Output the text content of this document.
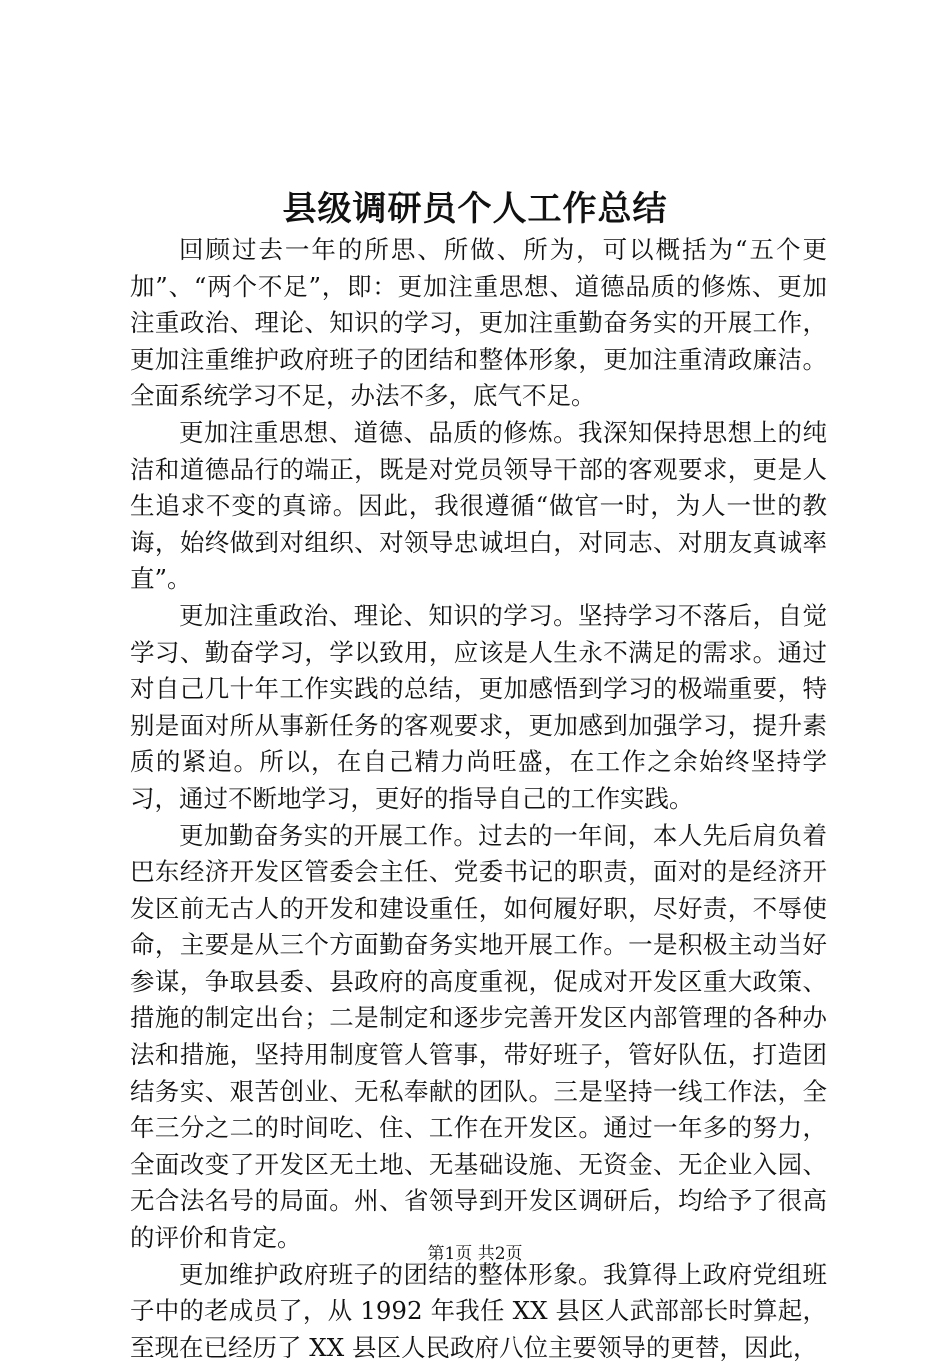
县级调研员个人工作总结

回顾过去一年的所思、所做、所为，可以概括为“五个更加”、“两个不足”，即：更加注重思想、道德品质的修炼、更加注重政治、理论、知识的学习，更加注重勤奋务实的开展工作，更加注重维护政府班子的团结和整体形象，更加注重清政廉洁。全面系统学习不足，办法不多，底气不足。

更加注重思想、道德、品质的修炼。我深知保持思想上的纯洁和道德品行的端正，既是对党员领导干部的客观要求，更是人生追求不变的真谛。因此，我很遵循“做官一时，为人一世的教诲，始终做到对组织、对领导忠诚坦白，对同志、对朋友真诚率直”。

更加注重政治、理论、知识的学习。坚持学习不落后，自觉学习、勤奋学习，学以致用，应该是人生永不满足的需求。通过对自己几十年工作实践的总结，更加感悟到学习的极端重要，特别是面对所从事新任务的客观要求，更加感到加强学习，提升素质的紧迫。所以，在自己精力尚旺盛，在工作之余始终坚持学习，通过不断地学习，更好的指导自己的工作实践。

更加勤奋务实的开展工作。过去的一年间，本人先后肩负着巴东经济开发区管委会主任、党委书记的职责，面对的是经济开发区前无古人的开发和建设重任，如何履好职，尽好责，不辱使命，主要是从三个方面勤奋务实地开展工作。一是积极主动当好参谋，争取县委、县政府的高度重视，促成对开发区重大政策、措施的制定出台；二是制定和逐步完善开发区内部管理的各种办法和措施，坚持用制度管人管事，带好班子，管好队伍，打造团结务实、艰苦创业、无私奉献的团队。三是坚持一线工作法，全年三分之二的时间吃、住、工作在开发区。通过一年多的努力，全面改变了开发区无土地、无基础设施、无资金、无企业入园、无合法名号的局面。州、省领导到开发区调研后，均给予了很高的评价和肯定。

更加维护政府班子的团结的整体形象。我算得上政府党组班子中的老成员了，从 1992 年我任 XX 县区人武部部长时算起，至现在已经历了 XX 县区人民政府八位主要领导的更替，因此，

第1页 共2页
